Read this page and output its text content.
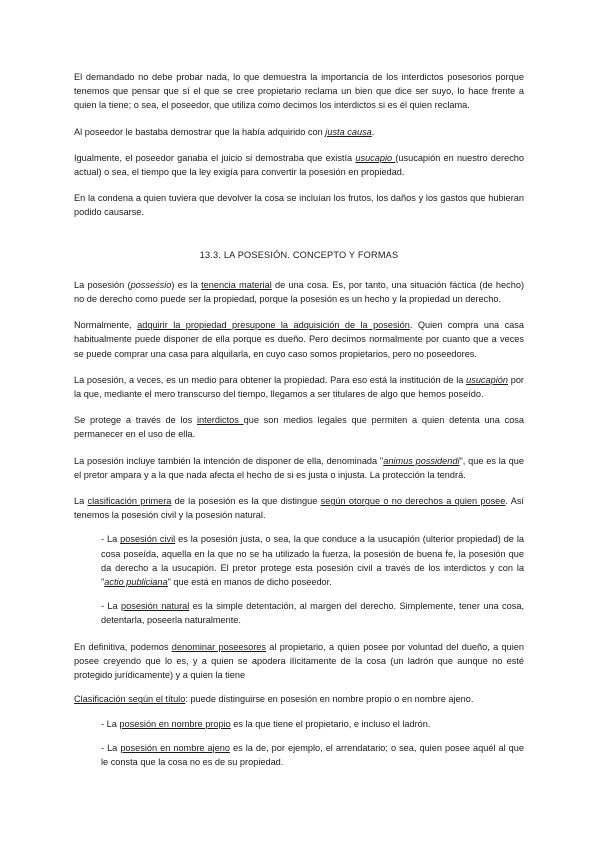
El demandado no debe probar nada, lo que demuestra la importancia de los interdictos posesorios porque tenemos que pensar que sí el que se cree propietario reclama un bien que dice ser suyo, lo hace frente a quien la tiene; o sea, el poseedor, que utiliza como decimos los interdictos si es él quien reclama.

Al poseedor le bastaba demostrar que la había adquirido con justa causa.

Igualmente, el poseedor ganaba el juicio si demostraba que existía usucapio (usucapión en nuestro derecho actual) o sea, el tiempo que la ley exigía para convertir la posesión en propiedad.

En la condena a quien tuviera que devolver la cosa se incluían los frutos, los daños y los gastos que hubieran podido causarse.

13.3. LA POSESIÓN. CONCEPTO Y FORMAS

La posesión (possessio) es la tenencia material de una cosa. Es, por tanto, una situación fáctica (de hecho) no de derecho como puede ser la propiedad, porque la posesión es un hecho y la propiedad un derecho.

Normalmente, adquirir la propiedad presupone la adquisición de la posesión. Quien compra una casa habitualmente puede disponer de ella porque es dueño. Pero decimos normalmente por cuanto que a veces se puede comprar una casa para alquilarla, en cuyo caso somos propietarios, pero no poseedores.

La posesión, a veces, es un medio para obtener la propiedad. Para eso está la institución de la usucapión por la que, mediante el mero transcurso del tiempo, llegamos a ser titulares de algo que hemos poseído.

Se protege a través de los interdictos que son medios legales que permiten a quien detenta una cosa permanecer en el uso de ella.

La posesión incluye también la intención de disponer de ella, denominada "animus possidendi", que es la que el pretor ampara y a la que nada afecta el hecho de si es justa o injusta. La protección la tendrá.

La clasificación primera de la posesión es la que distingue según otorgue o no derechos a quien posee. Así tenemos la posesión civil y la posesión natural.

- La posesión civil es la posesión justa, o sea, la que conduce a la usucapión (ulterior propiedad) de la cosa poseída, aquella en la que no se ha utilizado la fuerza, la posesión de buena fe, la posesión que da derecho a la usucapión. El pretor protege esta posesión civil a través de los interdictos y con la "actio publiciana" que está en manos de dicho poseedor.

- La posesión natural es la simple detentación, al margen del derecho. Simplemente, tener una cosa, detentarla, poseerla naturalmente.

En definitiva, podemos denominar poseesores al propietario, a quien posee por voluntad del dueño, a quien posee creyendo que lo es, y a quien se apodera ilícitamente de la cosa (un ladrón que aunque no esté protegido jurídicamente) y a quien la tiene

Clasificación según el título: puede distinguirse en posesión en nombre propio o en nombre ajeno.

- La posesión en nombre propio es la que tiene el propietario, e incluso el ladrón.

- La posesión en nombre ajeno es la de, por ejemplo, el arrendatario; o sea, quien posee aquél al que le consta que la cosa no es de su propiedad.
